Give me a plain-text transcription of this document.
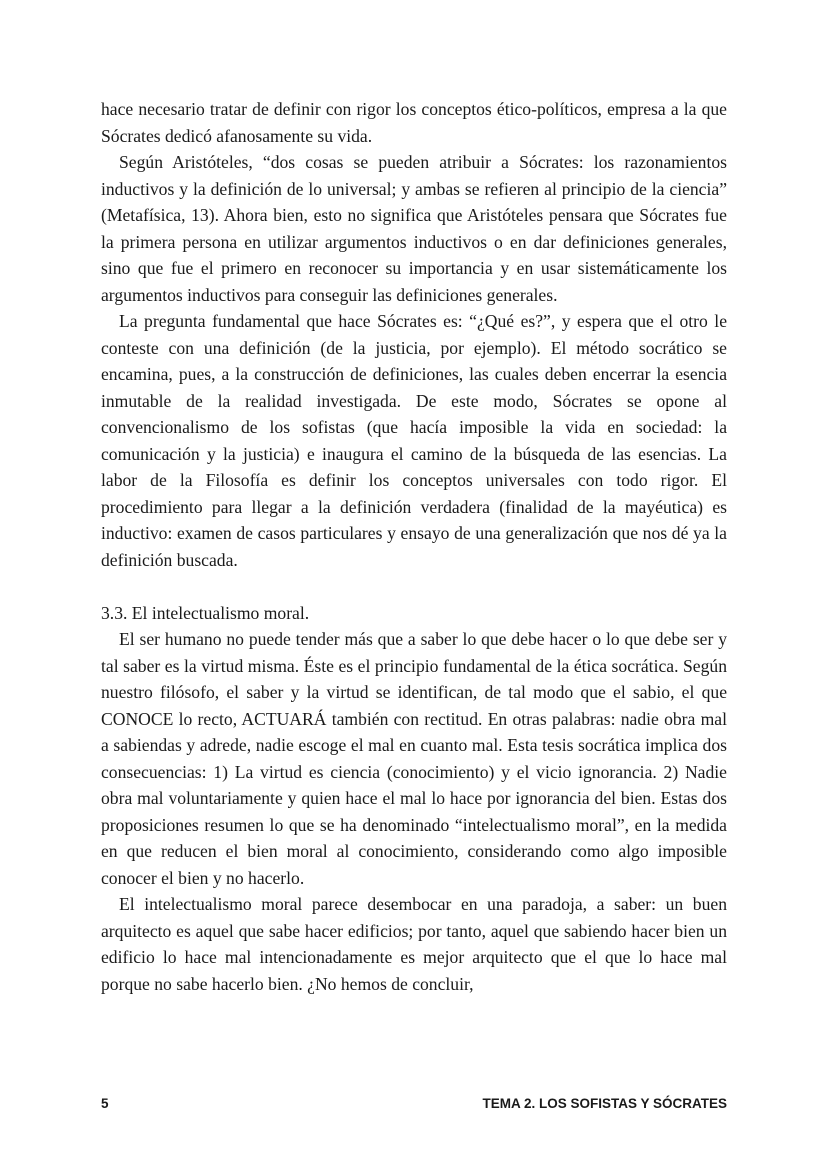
hace necesario tratar de definir con rigor los conceptos ético-políticos, empresa a la que Sócrates dedicó afanosamente su vida.

Según Aristóteles, “dos cosas se pueden atribuir a Sócrates: los razonamientos inductivos y la definición de lo universal; y ambas se refieren al principio de la ciencia” (Metafísica, 13). Ahora bien, esto no significa que Aristóteles pensara que Sócrates fue la primera persona en utilizar argumentos inductivos o en dar definiciones generales, sino que fue el primero en reconocer su importancia y en usar sistemáticamente los argumentos inductivos para conseguir las definiciones generales.

La pregunta fundamental que hace Sócrates es: “¿Qué es?”, y espera que el otro le conteste con una definición (de la justicia, por ejemplo). El método socrático se encamina, pues, a la construcción de definiciones, las cuales deben encerrar la esencia inmutable de la realidad investigada. De este modo, Sócrates se opone al convencionalismo de los sofistas (que hacía imposible la vida en sociedad: la comunicación y la justicia) e inaugura el camino de la búsqueda de las esencias. La labor de la Filosofía es definir los conceptos universales con todo rigor. El procedimiento para llegar a la definición verdadera (finalidad de la mayéutica) es inductivo: examen de casos particulares y ensayo de una generalización que nos dé ya la definición buscada.

3.3. El intelectualismo moral.

El ser humano no puede tender más que a saber lo que debe hacer o lo que debe ser y tal saber es la virtud misma. Éste es el principio fundamental de la ética socrática. Según nuestro filósofo, el saber y la virtud se identifican, de tal modo que el sabio, el que CONOCE lo recto, ACTUARÁ también con rectitud. En otras palabras: nadie obra mal a sabiendas y adrede, nadie escoge el mal en cuanto mal. Esta tesis socrática implica dos consecuencias: 1) La virtud es ciencia (conocimiento) y el vicio ignorancia. 2) Nadie obra mal voluntariamente y quien hace el mal lo hace por ignorancia del bien. Estas dos proposiciones resumen lo que se ha denominado “intelectualismo moral”, en la medida en que reducen el bien moral al conocimiento, considerando como algo imposible conocer el bien y no hacerlo.

El intelectualismo moral parece desembocar en una paradoja, a saber: un buen arquitecto es aquel que sabe hacer edificios; por tanto, aquel que sabiendo hacer bien un edificio lo hace mal intencionadamente es mejor arquitecto que el que lo hace mal porque no sabe hacerlo bien. ¿No hemos de concluir,

5	TEMA 2. LOS SOFISTAS Y SÓCRATES
